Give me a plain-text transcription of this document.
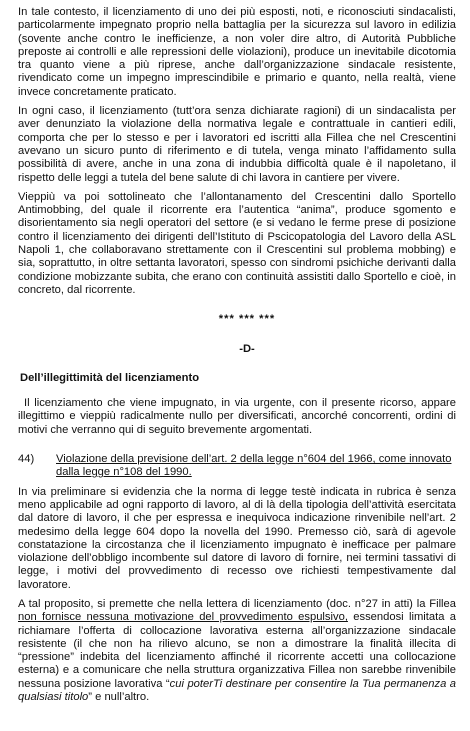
In tale contesto, il licenziamento di uno dei più esposti, noti, e riconosciuti sindacalisti, particolarmente impegnato proprio nella battaglia per la sicurezza sul lavoro in edilizia (sovente anche contro le inefficienze, a non voler dire altro, di Autorità Pubbliche preposte ai controlli e alle repressioni delle violazioni), produce un inevitabile dicotomia tra quanto viene a più riprese, anche dall’organizzazione sindacale resistente, rivendicato come un impegno imprescindibile e primario e quanto, nella realtà, viene invece concretamente praticato.

In ogni caso, il licenziamento (tutt’ora senza dichiarate ragioni) di un sindacalista per aver denunziato la violazione della normativa legale e contrattuale in cantieri edili, comporta che per lo stesso e per i lavoratori ed iscritti alla Fillea che nel Crescentini avevano un sicuro punto di riferimento e di tutela, venga minato l’affidamento sulla possibilità di avere, anche in una zona di indubbia difficoltà quale è il napoletano, il rispetto delle leggi a tutela del bene salute di chi lavora in cantiere per vivere.

Vieppiù va poi sottolineato che l’allontanamento del Crescentini dallo Sportello Antimobbing, del quale il ricorrente era l’autentica “anima”, produce sgomento e disorientamento sia negli operatori del settore (e si vedano le ferme prese di posizione contro il licenziamento dei dirigenti dell’Istituto di Pscicopatologia del Lavoro della ASL Napoli 1, che collaboravano strettamente con il Crescentini sul problema mobbing) e sia, soprattutto, in oltre settanta lavoratori, spesso con sindromi psichiche derivanti dalla condizione mobizzante subita, che erano con continuità assistiti dallo Sportello e cioè, in concreto, dal ricorrente.

*** *** ***
-D-
Dell’illegittimità del licenziamento

Il licenziamento che viene impugnato, in via urgente, con il presente ricorso, appare illegittimo e vieppiù radicalmente nullo per diversificati, ancorché concorrenti, ordini di motivi che verranno qui di seguito brevemente argomentati.

44)	Violazione della previsione dell’art. 2 della legge n°604 del 1966, come innovato dalla legge n°108 del 1990.

In via preliminare si evidenzia che la norma di legge testè indicata in rubrica è senza meno applicabile ad ogni rapporto di lavoro, al di là della tipologia dell’attività esercitata dal datore di lavoro, il che per espressa e inequivoca indicazione rinvenibile nell’art. 2 medesimo della legge 604 dopo la novella del 1990. Premesso ciò, sarà di agevole constatazione la circostanza che il licenziamento impugnato è inefficace per palmare violazione dell’obbligo incombente sul datore di lavoro di fornire, nei termini tassativi di legge, i motivi del provvedimento di recesso ove richiesti tempestivamente dal lavoratore.

A tal proposito, si premette che nella lettera di licenziamento (doc. n°27 in atti) la Fillea non fornisce nessuna motivazione del provvedimento espulsivo, essendosi limitata a richiamare l’offerta di collocazione lavorativa esterna all’organizzazione sindacale resistente (il che non ha rilievo alcuno, se non a dimostrare la finalità illecita di “pressione” indebita del licenziamento affinché il ricorrente accetti una collocazione esterna) e a comunicare che nella struttura organizzativa Fillea non sarebbe rinvenibile nessuna posizione lavorativa “cui poterTi destinare per consentire la Tua permanenza a qualsiasi titolo” e null’altro.
